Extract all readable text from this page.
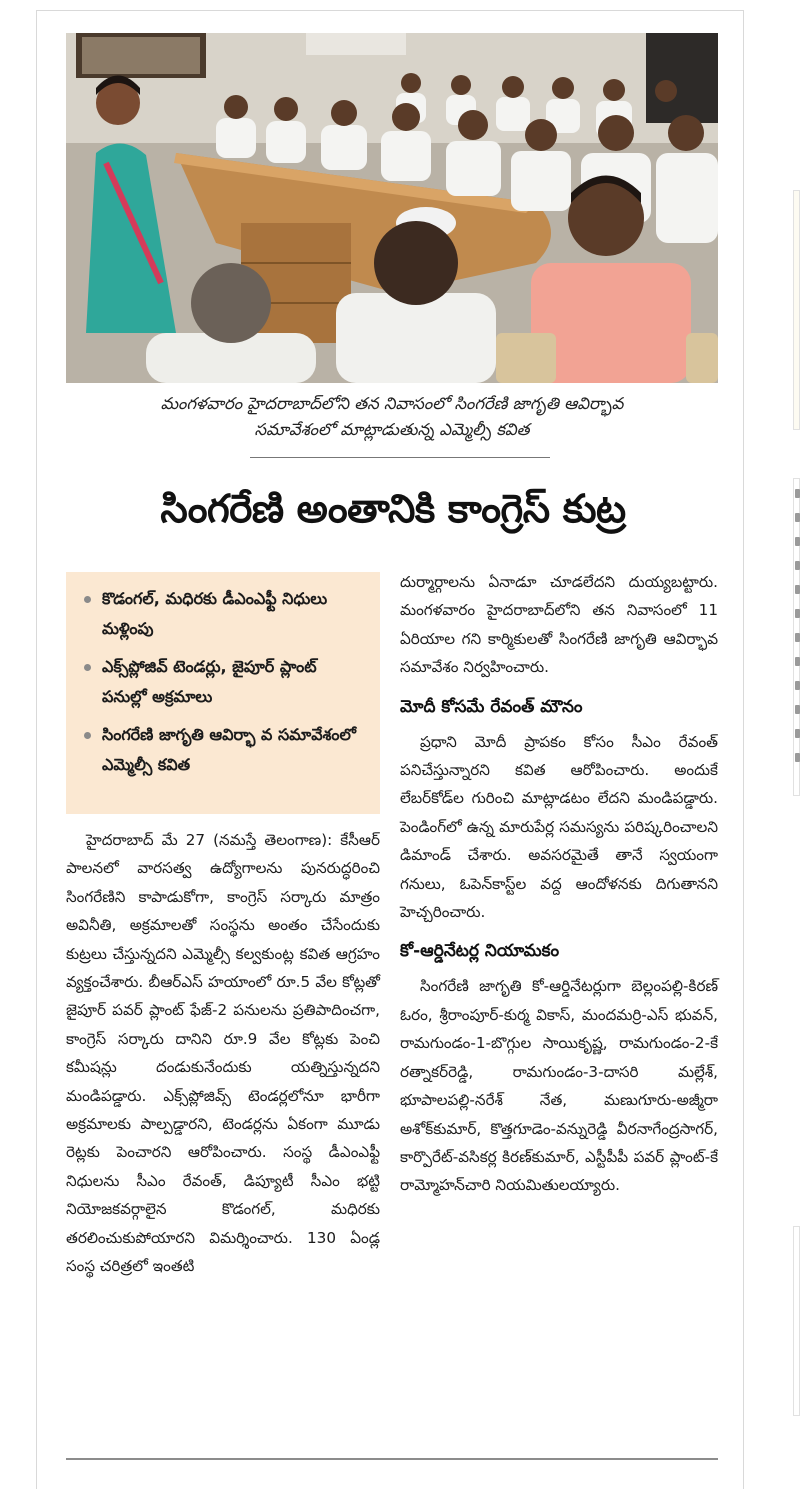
మంగళవారం హైదరాబాద్‌లోని తన నివాసంలో సింగరేణి జాగృతి ఆవిర్భావ
సమావేశంలో మాట్లాడుతున్న ఎమ్మెల్సీ కవిత
సింగరేణి అంతానికి కాంగ్రెస్ కుట్ర
కొడంగల్, మధిరకు డీఎంఎఫ్టీ నిధులు మళ్లింపు
ఎక్స్‌ప్లోజివ్ టెండర్లు, జైపూర్ ప్లాంట్ పనుల్లో అక్రమాలు
సింగరేణి జాగృతి ఆవిర్భా వ సమావేశంలో ఎమ్మెల్సీ కవిత

హైదరాబాద్ మే 27 (నమస్తే తెలంగాణ): కేసీఆర్ పాలనలో వారసత్వ ఉద్యోగాలను పునరుద్ధరించి సింగరేణిని కాపాడుకోగా, కాంగ్రెస్ సర్కారు మాత్రం అవినీతి, అక్రమాలతో సంస్థను అంతం చేసేందుకు కుట్రలు చేస్తున్నదని ఎమ్మెల్సీ కల్వకుంట్ల కవిత ఆగ్రహం వ్యక్తంచేశారు. బీఆర్ఎస్ హయాంలో రూ.5 వేల కోట్లతో జైపూర్ పవర్ ప్లాంట్ ఫేజ్-2 పనులను ప్రతిపాదించగా, కాంగ్రెస్ సర్కారు దానిని రూ.9 వేల కోట్లకు పెంచి కమీషన్లు దండుకునేందుకు యత్నిస్తున్నదని మండిపడ్డారు. ఎక్స్‌ప్లోజివ్స్ టెండర్లలోనూ భారీగా అక్రమాలకు పాల్పడ్డారని, టెండర్లను ఏకంగా మూడు రెట్లకు పెంచారని ఆరోపించారు. సంస్థ డీఎంఎఫ్టీ నిధులను సీఎం రేవంత్, డిప్యూటీ సీఎం భట్టి నియోజకవర్గాలైన కొడంగల్, మధిరకు తరలించుకుపోయారని విమర్శించారు. 130 ఏండ్ల సంస్థ చరిత్రలో ఇంతటి

దుర్మార్గాలను ఏనాడూ చూడలేదని దుయ్యబట్టారు. మంగళవారం హైదరాబాద్‌లోని తన నివాసంలో 11 ఏరియాల గని కార్మికులతో సింగరేణి జాగృతి ఆవిర్భావ సమావేశం నిర్వహించారు.

మోదీ కోసమే రేవంత్ మౌనం

ప్రధాని మోదీ ప్రాపకం కోసం సీఎం రేవంత్ పనిచేస్తున్నారని కవిత ఆరోపించారు. అందుకే లేబర్‌కోడ్‌ల గురించి మాట్లాడటం లేదని మండిపడ్డారు. పెండింగ్‌లో ఉన్న మారుపేర్ల సమస్యను పరిష్కరించాలని డిమాండ్ చేశారు. అవసరమైతే తానే స్వయంగా గనులు, ఓపెన్‌కాస్ట్‌ల వద్ద ఆందోళనకు దిగుతానని హెచ్చరించారు.

కో-ఆర్డినేటర్ల నియామకం

సింగరేణి జాగృతి కో-ఆర్డినేటర్లుగా బెల్లంపల్లి-కిరణ్ ఓరం, శ్రీరాంపూర్-కుర్మ వికాస్, మందమర్రి-ఎస్ భువన్, రామగుండం-1-బొగ్గుల సాయికృష్ణ, రామగుండం-2-కే రత్నాకర్‌రెడ్డి, రామగుండం-3-దాసరి మల్లేశ్, భూపాలపల్లి-నరేశ్ నేత, మణుగూరు-అజ్మీరా అశోక్‌కుమార్, కొత్తగూడెం-వన్నురెడ్డి వీరనాగేంద్రసాగర్, కార్పొరేట్-వసికర్ల కిరణ్‌కుమార్, ఎస్టీపీపీ పవర్ ప్లాంట్-కే రామ్మోహన్‌చారి నియమితులయ్యారు.
